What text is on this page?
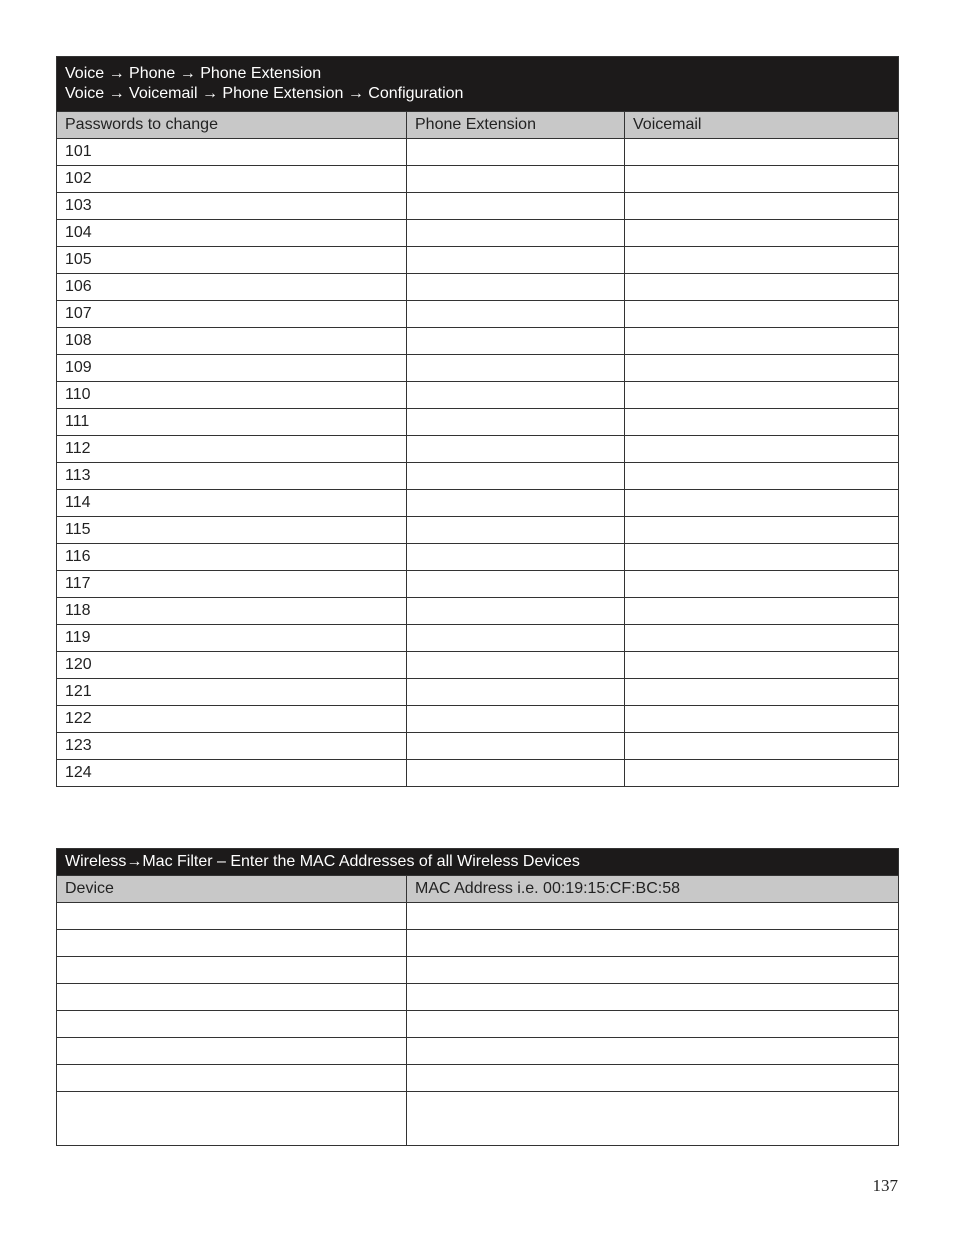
Voice → Phone → Phone Extension
Voice → Voicemail → Phone Extension → Configuration		

Passwords to change	Phone Extension	Voicemail
101		
102		
103		
104		
105		
106		
107		
108		
109		
110		
111		
112		
113		
114		
115		
116		
117		
118		
119		
120		
121		
122		
123		
124		
Wireless→Mac Filter – Enter the MAC Addresses of all Wireless Devices	
Device	MAC Address i.e. 00:19:15:CF:BC:58

137
